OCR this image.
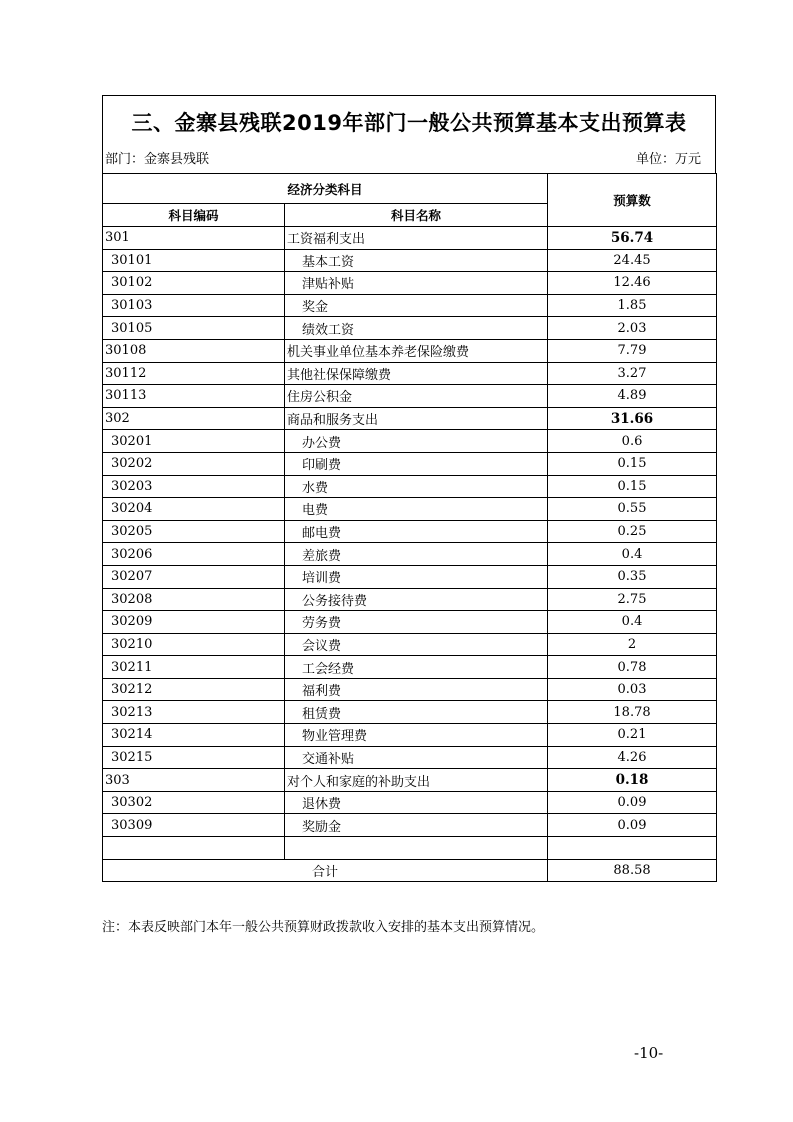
三、金寨县残联2019年部门一般公共预算基本支出预算表
部门：金寨县残联	单位：万元
经济分类科目		预算数
科目编码	科目名称	
301	工资福利支出	56.74
30101	基本工资	24.45
30102	津贴补贴	12.46
30103	奖金	1.85
30105	绩效工资	2.03
30108	机关事业单位基本养老保险缴费	7.79
30112	其他社保保障缴费	3.27
30113	住房公积金	4.89
302	商品和服务支出	31.66
30201	办公费	0.6
30202	印刷费	0.15
30203	水费	0.15
30204	电费	0.55
30205	邮电费	0.25
30206	差旅费	0.4
30207	培训费	0.35
30208	公务接待费	2.75
30209	劳务费	0.4
30210	会议费	2
30211	工会经费	0.78
30212	福利费	0.03
30213	租赁费	18.78
30214	物业管理费	0.21
30215	交通补贴	4.26
303	对个人和家庭的补助支出	0.18
30302	退休费	0.09
30309	奖励金	0.09

合计		88.58
注：本表反映部门本年一般公共预算财政拨款收入安排的基本支出预算情况。
-10-
